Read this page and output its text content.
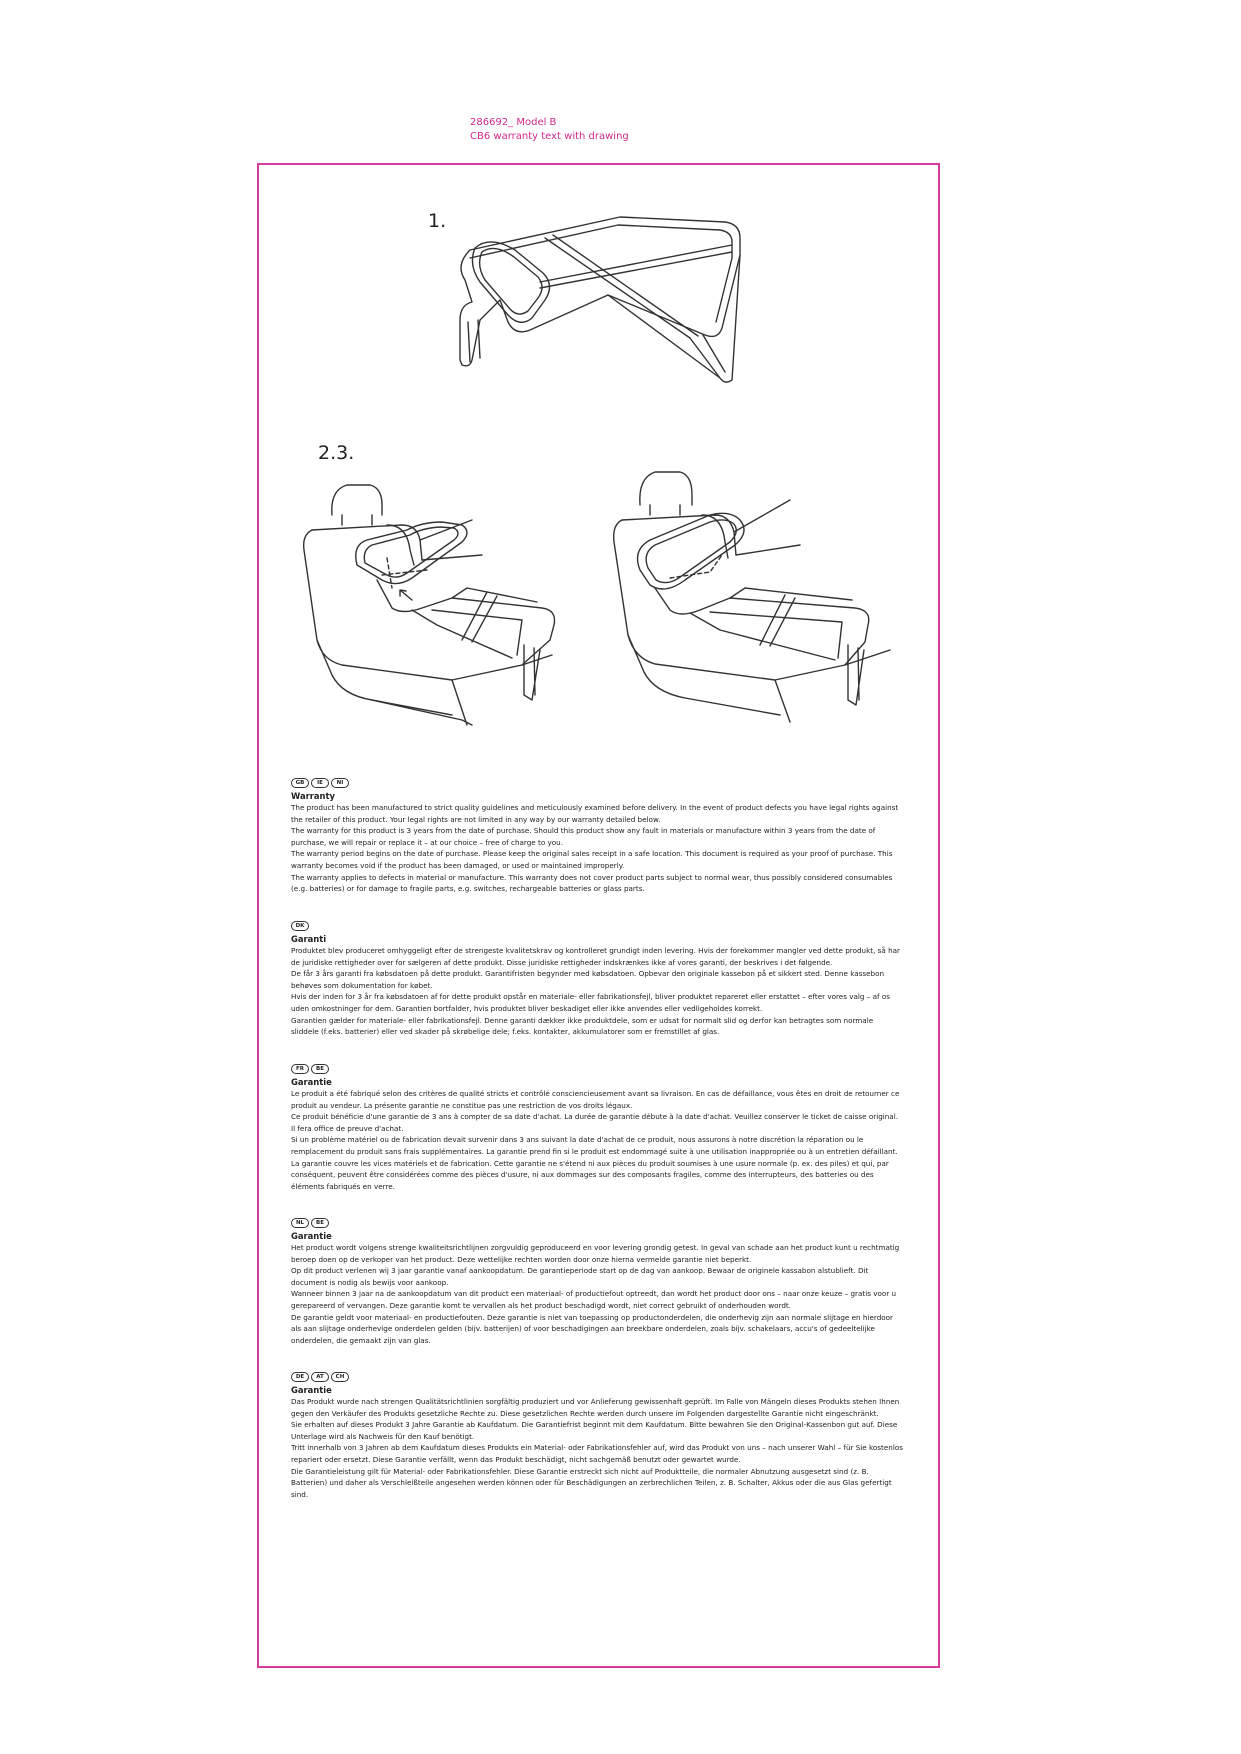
286692_ Model B
CB6 warranty text with drawing
1.
2.3.
GB IE	NI
Warranty

The product has been manufactured to strict quality guidelines and meticulously examined before delivery. In the event of product defects you have legal rights against the retailer of this product. Your legal rights are not limited in any way by our warranty detailed below.

The warranty for this product is 3 years from the date of purchase. Should this product show any fault in materials or manufacture within 3 years from the date of purchase, we will repair or replace it – at our choice – free of charge to you.

The warranty period begins on the date of purchase. Please keep the original sales receipt in a safe location. This document is required as your proof of purchase. This warranty becomes void if the product has been damaged, or used or maintained improperly.

The warranty applies to defects in material or manufacture. This warranty does not cover product parts subject to normal wear, thus possibly considered consumables (e.g. batteries) or for damage to fragile parts, e.g. switches, rechargeable batteries or glass parts.

DK
Garanti

Produktet blev produceret omhyggeligt efter de strengeste kvalitetskrav og kontrolleret grundigt inden levering. Hvis der forekommer mangler ved dette produkt, så har de juridiske rettigheder over for sælgeren af dette produkt. Disse juridiske rettigheder indskrænkes ikke af vores garanti, der beskrives i det følgende.

De får 3 års garanti fra købsdatoen på dette produkt. Garantifristen begynder med købsdatoen. Opbevar den originale kassebon på et sikkert sted. Denne kassebon behøves som dokumentation for købet.

Hvis der inden for 3 år fra købsdatoen af for dette produkt opstår en materiale- eller fabrikationsfejl, bliver produktet repareret eller erstattet – efter vores valg – af os uden omkostninger for dem. Garantien bortfalder, hvis produktet bliver beskadiget eller ikke anvendes eller vedligeholdes korrekt.

Garantien gælder for materiale- eller fabrikationsfejl. Denne garanti dækker ikke produktdele, som er udsat for normalt slid og derfor kan betragtes som normale sliddele (f.eks. batterier) eller ved skader på skrøbelige dele; f.eks. kontakter, akkumulatorer som er fremstillet af glas.

FR BE
Garantie

Le produit a été fabriqué selon des critères de qualité stricts et contrôlé consciencieusement avant sa livraison. En cas de défaillance, vous êtes en droit de retourner ce produit au vendeur. La présente garantie ne constitue pas une restriction de vos droits légaux.

Ce produit bénéficie d'une garantie de 3 ans à compter de sa date d'achat. La durée de garantie débute à la date d'achat. Veuillez conserver le ticket de caisse original. Il fera office de preuve d'achat.

Si un problème matériel ou de fabrication devait survenir dans 3 ans suivant la date d'achat de ce produit, nous assurons à notre discrétion la réparation ou le remplacement du produit sans frais supplémentaires. La garantie prend fin si le produit est endommagé suite à une utilisation inappropriée ou à un entretien défaillant.

La garantie couvre les vices matériels et de fabrication. Cette garantie ne s'étend ni aux pièces du produit soumises à une usure normale (p. ex. des piles) et qui, par conséquent, peuvent être considérées comme des pièces d'usure, ni aux dommages sur des composants fragiles, comme des interrupteurs, des batteries ou des éléments fabriqués en verre.

NL BE
Garantie

Het product wordt volgens strenge kwaliteitsrichtlijnen zorgvuldig geproduceerd en voor levering grondig getest. In geval van schade aan het product kunt u rechtmatig beroep doen op de verkoper van het product. Deze wettelijke rechten worden door onze hierna vermelde garantie niet beperkt.

Op dit product verlenen wij 3 jaar garantie vanaf aankoopdatum. De garantieperiode start op de dag van aankoop. Bewaar de originele kassabon alstublieft. Dit document is nodig als bewijs voor aankoop.

Wanneer binnen 3 jaar na de aankoopdatum van dit product een materiaal- of productiefout optreedt, dan wordt het product door ons – naar onze keuze – gratis voor u gerepareerd of vervangen. Deze garantie komt te vervallen als het product beschadigd wordt, niet correct gebruikt of onderhouden wordt.

De garantie geldt voor materiaal- en productiefouten. Deze garantie is niet van toepassing op productonderdelen, die onderhevig zijn aan normale slijtage en hierdoor als aan slijtage onderhevige onderdelen gelden (bijv. batterijen) of voor beschadigingen aan breekbare onderdelen, zoals bijv. schakelaars, accu's of gedeeltelijke onderdelen, die gemaakt zijn van glas.

DE AT CH
Garantie

Das Produkt wurde nach strengen Qualitätsrichtlinien sorgfältig produziert und vor Anlieferung gewissenhaft geprüft. Im Falle von Mängeln dieses Produkts stehen Ihnen gegen den Verkäufer des Produkts gesetzliche Rechte zu. Diese gesetzlichen Rechte werden durch unsere im Folgenden dargestellte Garantie nicht eingeschränkt.

Sie erhalten auf dieses Produkt 3 Jahre Garantie ab Kaufdatum. Die Garantiefrist beginnt mit dem Kaufdatum. Bitte bewahren Sie den Original-Kassenbon gut auf. Diese Unterlage wird als Nachweis für den Kauf benötigt.

Tritt innerhalb von 3 Jahren ab dem Kaufdatum dieses Produkts ein Material- oder Fabrikationsfehler auf, wird das Produkt von uns – nach unserer Wahl – für Sie kostenlos repariert oder ersetzt. Diese Garantie verfällt, wenn das Produkt beschädigt, nicht sachgemäß benutzt oder gewartet wurde.

Die Garantieleistung gilt für Material- oder Fabrikationsfehler. Diese Garantie erstreckt sich nicht auf Produktteile, die normaler Abnutzung ausgesetzt sind (z. B. Batterien) und daher als Verschleißteile angesehen werden können oder für Beschädigungen an zerbrechlichen Teilen, z. B. Schalter, Akkus oder die aus Glas gefertigt sind.
